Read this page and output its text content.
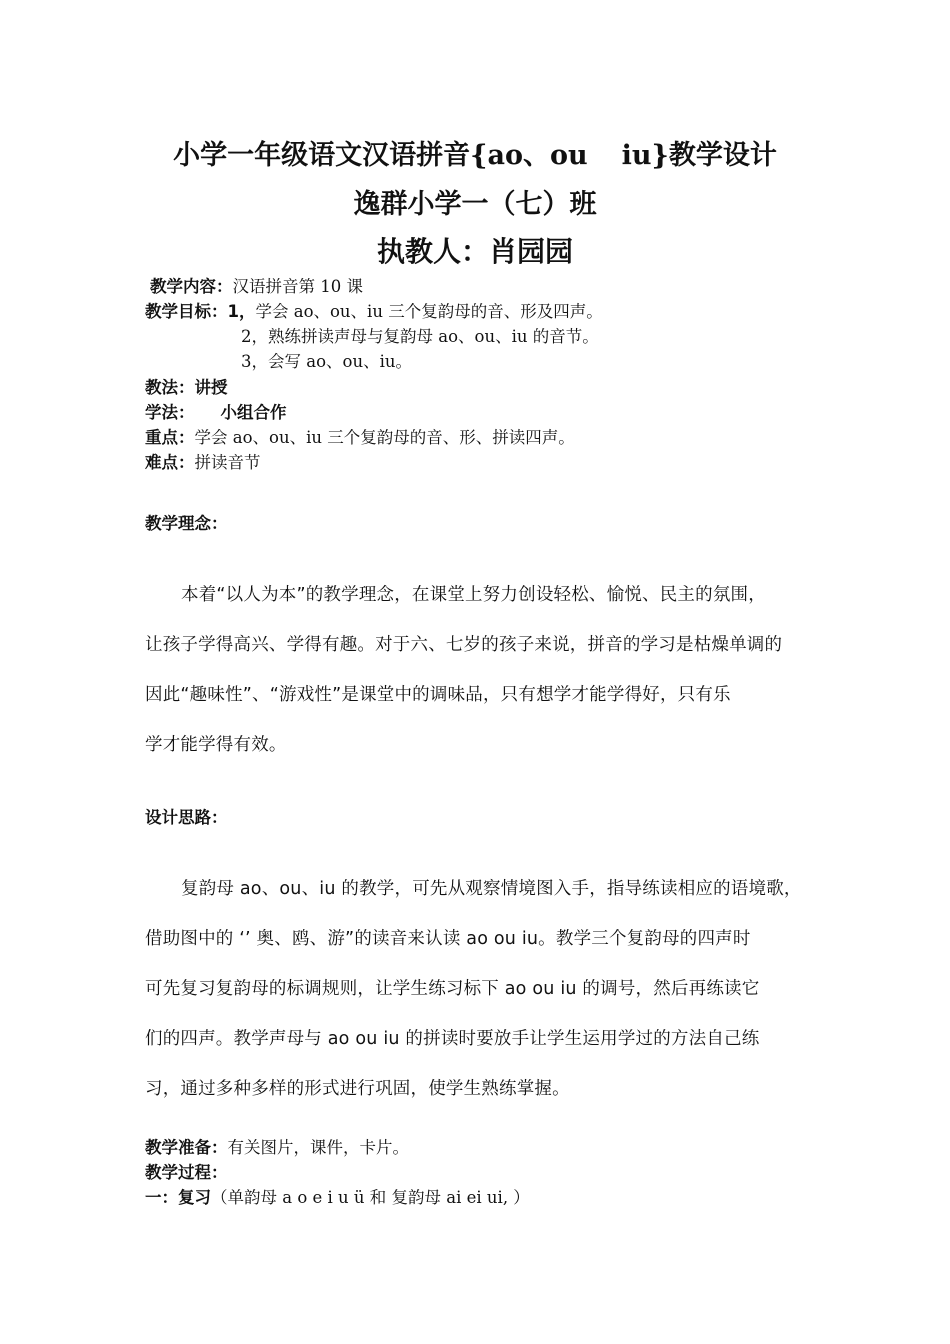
小学一年级语文汉语拼音{ao、ou iu}教学设计
逸群小学一（七）班
执教人：肖园园
教学内容：汉语拼音第 10 课
教学目标：1，学会 ao、ou、iu 三个复韵母的音、形及四声。
2，熟练拼读声母与复韵母 ao、ou、iu 的音节。
3，会写 ao、ou、iu。
教法：讲授
学法： 小组合作
重点：学会 ao、ou、iu 三个复韵母的音、形、拼读四声。
难点：拼读音节
教学理念：
本着“以人为本”的教学理念，在课堂上努力创设轻松、愉悦、民主的氛围，
让孩子学得高兴、学得有趣。对于六、七岁的孩子来说，拼音的学习是枯燥单调的
因此“趣味性”、“游戏性”是课堂中的调味品，只有想学才能学得好，只有乐
学才能学得有效。
设计思路：
复韵母 ao、ou、iu 的教学，可先从观察情境图入手，指导练读相应的语境歌，
借助图中的 ‘’ 奥、鸥、游”的读音来认读 ao ou iu。教学三个复韵母的四声时
可先复习复韵母的标调规则，让学生练习标下 ao ou iu 的调号，然后再练读它
们的四声。教学声母与 ao ou iu 的拼读时要放手让学生运用学过的方法自己练
习，通过多种多样的形式进行巩固，使学生熟练掌握。
教学准备：有关图片，课件，卡片。
教学过程：
一：复习（单韵母 a o e i u ü 和 复韵母 ai ei ui, ）
